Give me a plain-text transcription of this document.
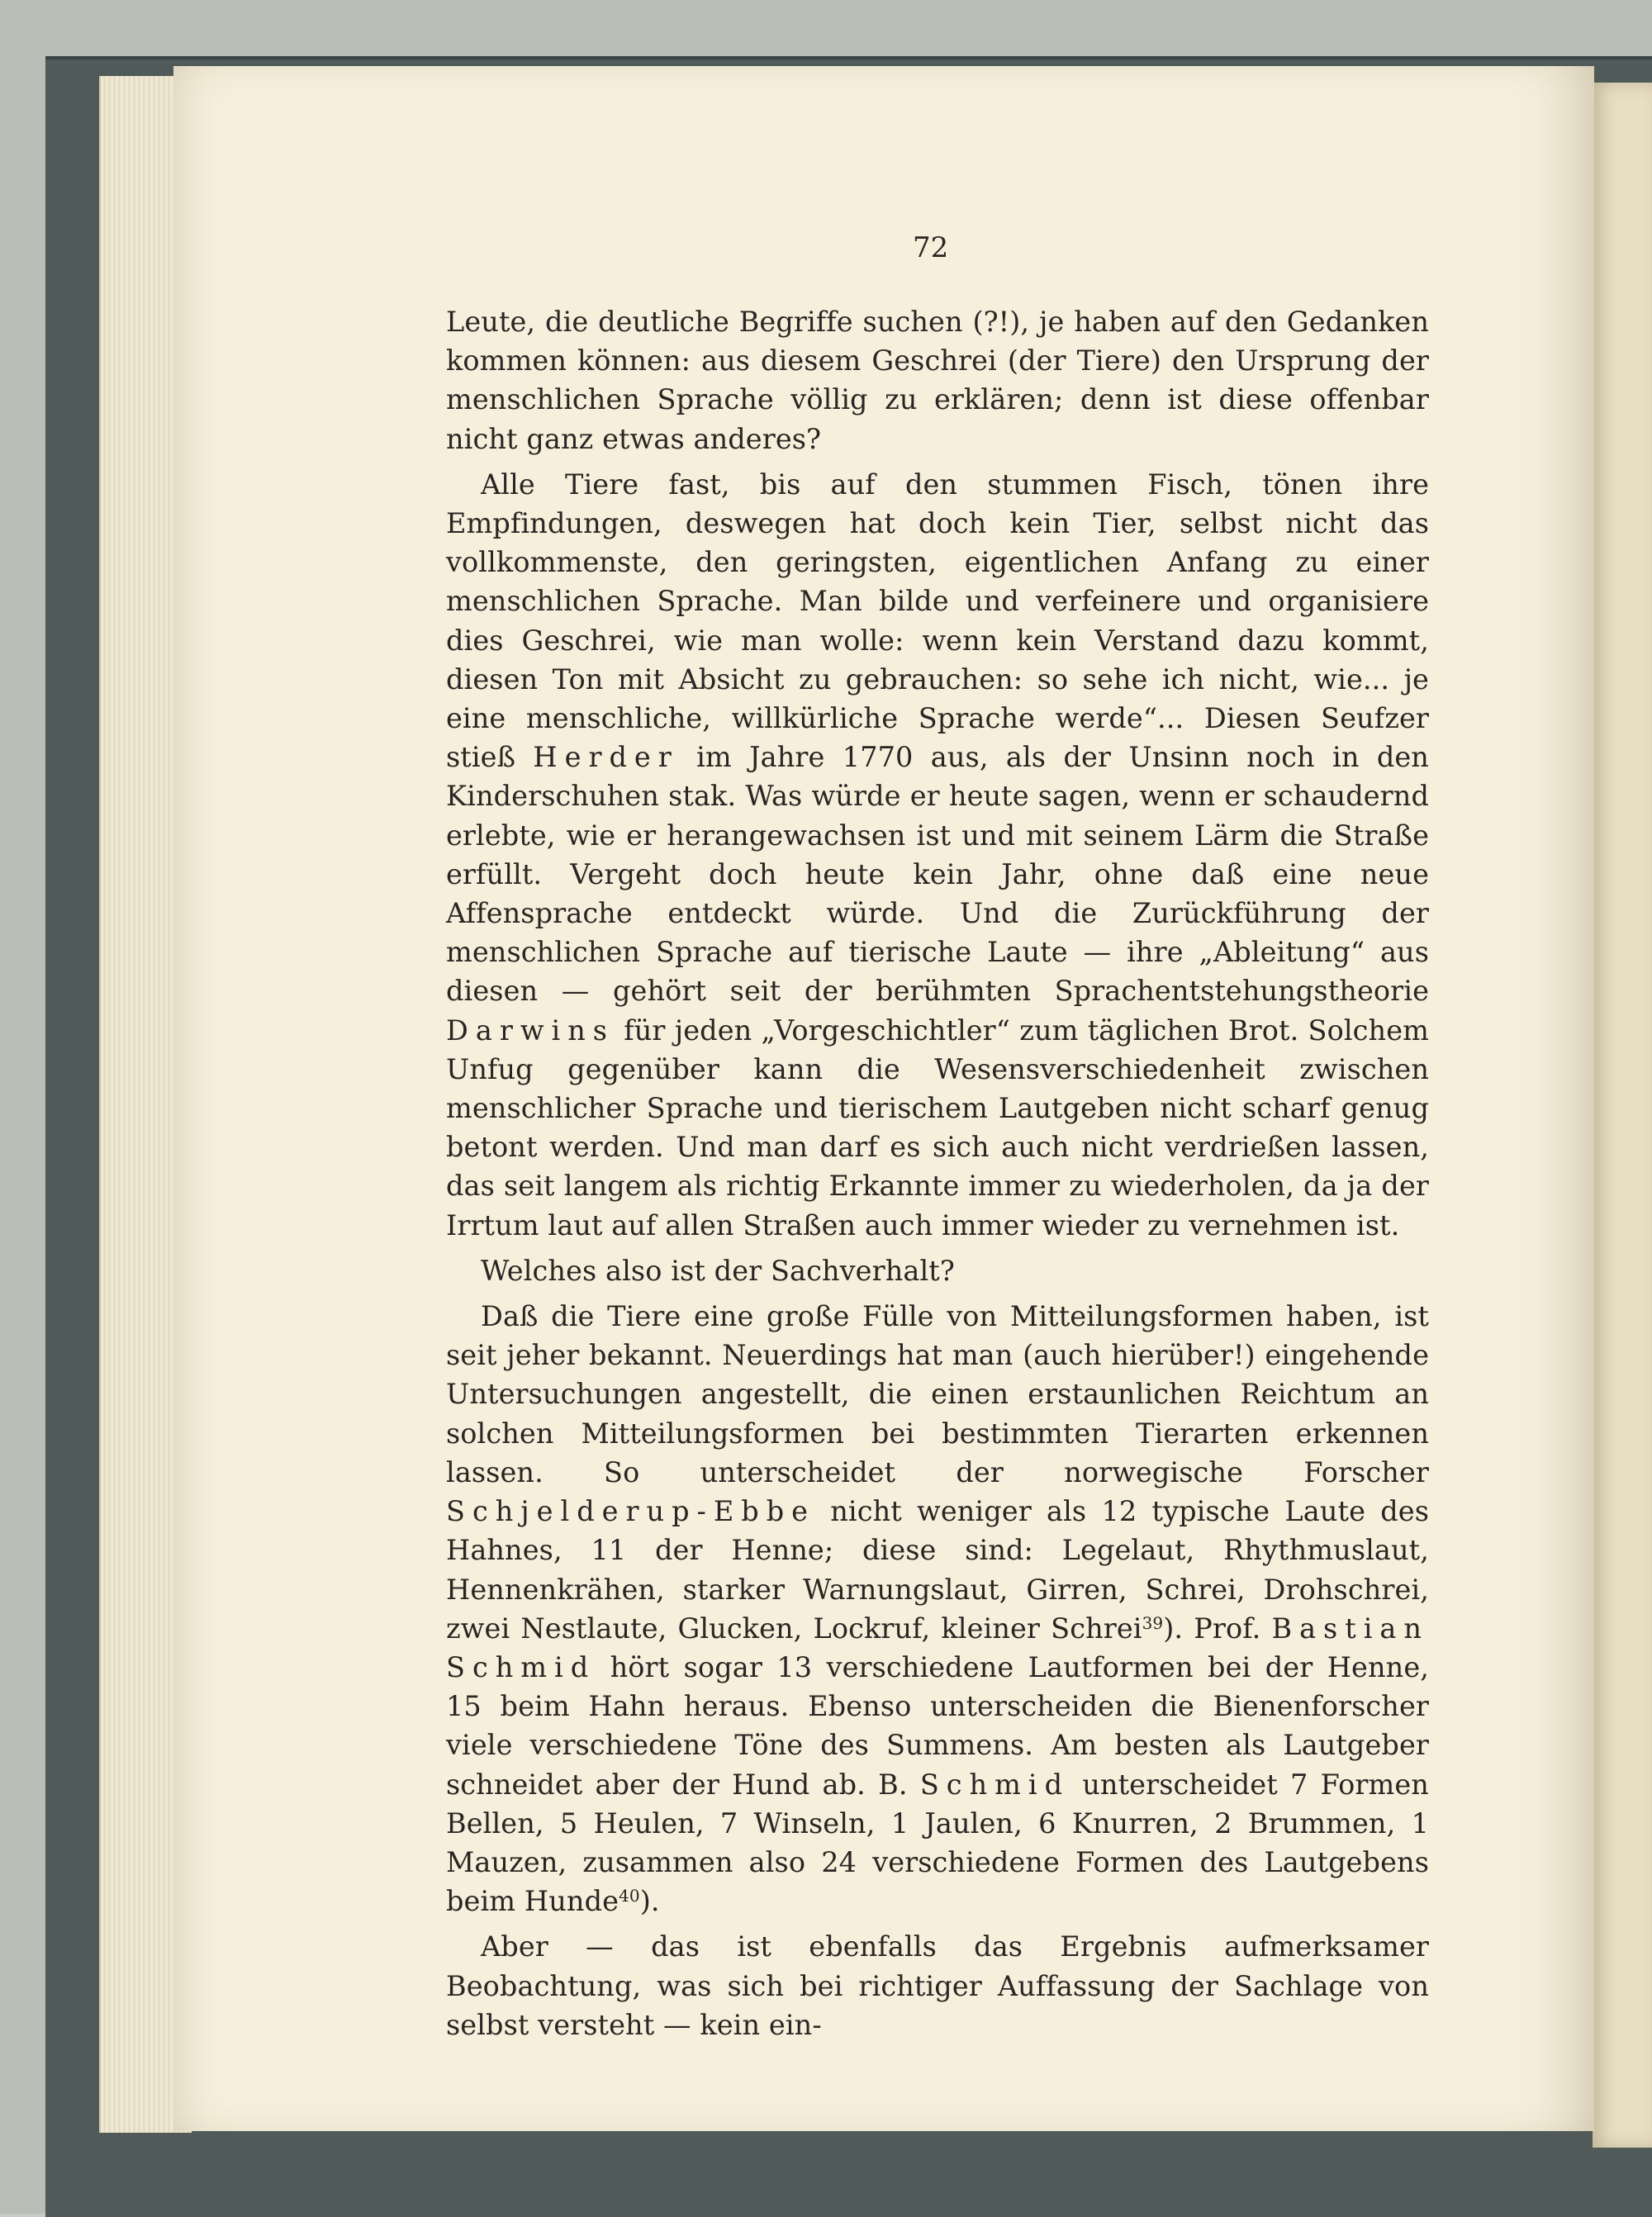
72

Leute, die deutliche Begriffe suchen (?!), je haben auf den Gedanken kommen können: aus diesem Geschrei (der Tiere) den Ursprung der menschlichen Sprache völlig zu erklären; denn ist diese offenbar nicht ganz etwas anderes?

Alle Tiere fast, bis auf den stummen Fisch, tönen ihre Empfindungen, deswegen hat doch kein Tier, selbst nicht das vollkommenste, den geringsten, eigentlichen Anfang zu einer menschlichen Sprache. Man bilde und verfeinere und organisiere dies Geschrei, wie man wolle: wenn kein Verstand dazu kommt, diesen Ton mit Absicht zu gebrauchen: so sehe ich nicht, wie... je eine menschliche, willkürliche Sprache werde“... Diesen Seufzer stieß Herder im Jahre 1770 aus, als der Unsinn noch in den Kinderschuhen stak. Was würde er heute sagen, wenn er schaudernd erlebte, wie er herangewachsen ist und mit seinem Lärm die Straße erfüllt. Vergeht doch heute kein Jahr, ohne daß eine neue Affensprache entdeckt würde. Und die Zurückführung der menschlichen Sprache auf tierische Laute — ihre „Ableitung“ aus diesen — gehört seit der berühmten Sprachentstehungstheorie Darwins für jeden „Vorgeschichtler“ zum täglichen Brot. Solchem Unfug gegenüber kann die Wesensverschiedenheit zwischen menschlicher Sprache und tierischem Lautgeben nicht scharf genug betont werden. Und man darf es sich auch nicht verdrießen lassen, das seit langem als richtig Erkannte immer zu wiederholen, da ja der Irrtum laut auf allen Straßen auch immer wieder zu vernehmen ist.

Welches also ist der Sachverhalt?

Daß die Tiere eine große Fülle von Mitteilungsformen haben, ist seit jeher bekannt. Neuerdings hat man (auch hierüber!) eingehende Untersuchungen angestellt, die einen erstaunlichen Reichtum an solchen Mitteilungsformen bei bestimmten Tierarten erkennen lassen. So unterscheidet der norwegische Forscher Schjelderup-Ebbe nicht weniger als 12 typische Laute des Hahnes, 11 der Henne; diese sind: Legelaut, Rhythmuslaut, Hennenkrähen, starker Warnungslaut, Girren, Schrei, Drohschrei, zwei Nestlaute, Glucken, Lockruf, kleiner Schrei$^{39}$). Prof. Bastian Schmid hört sogar 13 verschiedene Lautformen bei der Henne, 15 beim Hahn heraus. Ebenso unterscheiden die Bienenforscher viele verschiedene Töne des Summens. Am besten als Lautgeber schneidet aber der Hund ab. B. Schmid unterscheidet 7 Formen Bellen, 5 Heulen, 7 Winseln, 1 Jaulen, 6 Knurren, 2 Brummen, 1 Mauzen, zusammen also 24 verschiedene Formen des Lautgebens beim Hunde$^{40}$).

Aber — das ist ebenfalls das Ergebnis aufmerksamer Beobachtung, was sich bei richtiger Auffassung der Sachlage von selbst versteht — kein ein-
